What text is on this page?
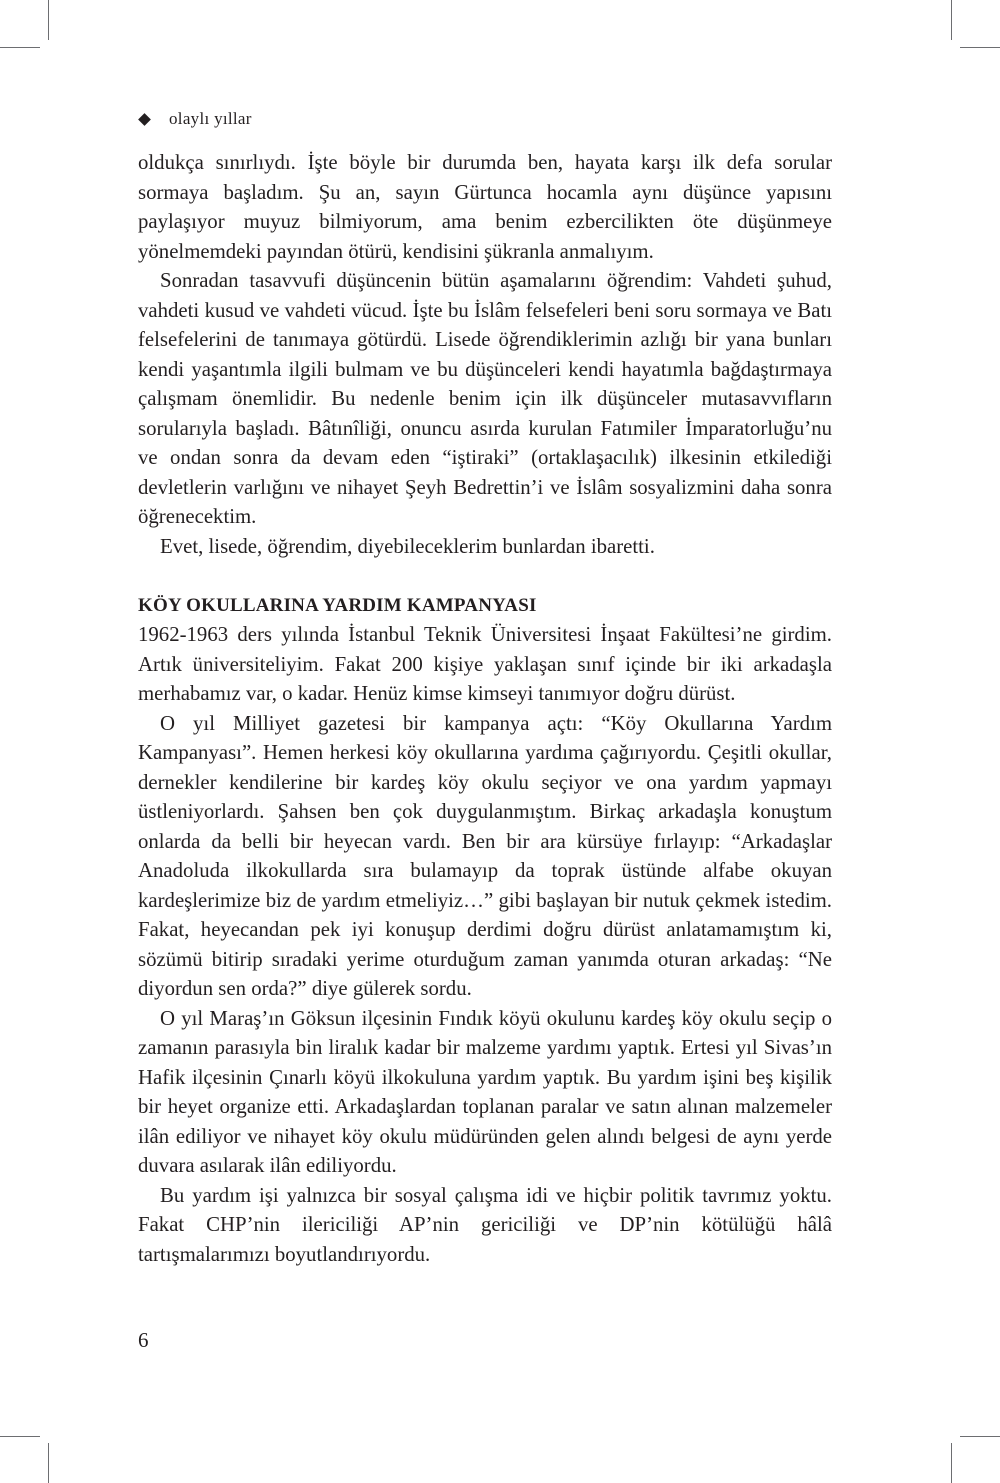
olaylı yıllar

oldukça sınırlıydı. İşte böyle bir durumda ben, hayata karşı ilk defa sorular sormaya başladım. Şu an, sayın Gürtunca hocamla aynı düşünce yapısını paylaşıyor muyuz bilmiyorum, ama benim ezbercilikten öte düşünmeye yönelmemdeki payından ötürü, kendisini şükranla anmalıyım.

Sonradan tasavvufi düşüncenin bütün aşamalarını öğrendim: Vahdeti şuhud, vahdeti kusud ve vahdeti vücud. İşte bu İslâm felsefeleri beni soru sormaya ve Batı felsefelerini de tanımaya götürdü. Lisede öğrendiklerimin azlığı bir yana bunları kendi yaşantımla ilgili bulmam ve bu düşünceleri kendi hayatımla bağdaştırmaya çalışmam önemlidir. Bu nedenle benim için ilk düşünceler mutasavvıfların sorularıyla başladı. Bâtınîliği, onuncu asırda kurulan Fatımiler İmparatorluğu’nu ve ondan sonra da devam eden “iştiraki” (ortaklaşacılık) ilkesinin etkilediği devletlerin varlığını ve nihayet Şeyh Bedrettin’i ve İslâm sosyalizmini daha sonra öğrenecektim.

Evet, lisede, öğrendim, diyebileceklerim bunlardan ibaretti.

KÖY OKULLARINA YARDIM KAMPANYASI

1962-1963 ders yılında İstanbul Teknik Üniversitesi İnşaat Fakültesi’ne girdim. Artık üniversiteliyim. Fakat 200 kişiye yaklaşan sınıf içinde bir iki arkadaşla merhabamız var, o kadar. Henüz kimse kimseyi tanımıyor doğru dürüst.

O yıl Milliyet gazetesi bir kampanya açtı: “Köy Okullarına Yardım Kampanyası”. Hemen herkesi köy okullarına yardıma çağırıyordu. Çeşitli okullar, dernekler kendilerine bir kardeş köy okulu seçiyor ve ona yardım yapmayı üstleniyorlardı. Şahsen ben çok duygulanmıştım. Birkaç arkadaşla konuştum onlarda da belli bir heyecan vardı. Ben bir ara kürsüye fırlayıp: “Arkadaşlar Anadoluda ilkokullarda sıra bulamayıp da toprak üstünde alfabe okuyan kardeşlerimize biz de yardım etmeliyiz…” gibi başlayan bir nutuk çekmek istedim. Fakat, heyecandan pek iyi konuşup derdimi doğru dürüst anlatamamıştım ki, sözümü bitirip sıradaki yerime oturduğum zaman yanımda oturan arkadaş: “Ne diyordun sen orda?” diye gülerek sordu.

O yıl Maraş’ın Göksun ilçesinin Fındık köyü okulunu kardeş köy okulu seçip o zamanın parasıyla bin liralık kadar bir malzeme yardımı yaptık. Ertesi yıl Sivas’ın Hafik ilçesinin Çınarlı köyü ilkokuluna yardım yaptık. Bu yardım işini beş kişilik bir heyet organize etti. Arkadaşlardan toplanan paralar ve satın alınan malzemeler ilân ediliyor ve nihayet köy okulu müdüründen gelen alındı belgesi de aynı yerde duvara asılarak ilân ediliyordu.

Bu yardım işi yalnızca bir sosyal çalışma idi ve hiçbir politik tavrımız yoktu. Fakat CHP’nin ilericiliği AP’nin gericiliği ve DP’nin kötülüğü hâlâ tartışmalarımızı boyutlandırıyordu.

6
